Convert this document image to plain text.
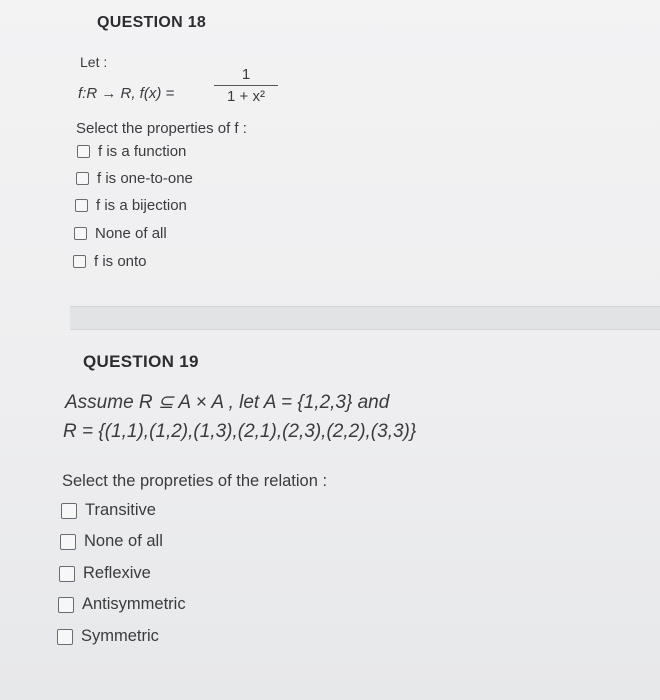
QUESTION 18
Let :
f:R → R, f(x) =
1
1 + x²
Select the properties of f :
f is a function
f is one-to-one
f is a bijection
None of all
f is onto
QUESTION 19
Assume R ⊆ A × A , let A = {1,2,3} and
R = {(1,1),(1,2),(1,3),(2,1),(2,3),(2,2),(3,3)}
Select the propreties of the relation :
Transitive
None of all
Reflexive
Antisymmetric
Symmetric
